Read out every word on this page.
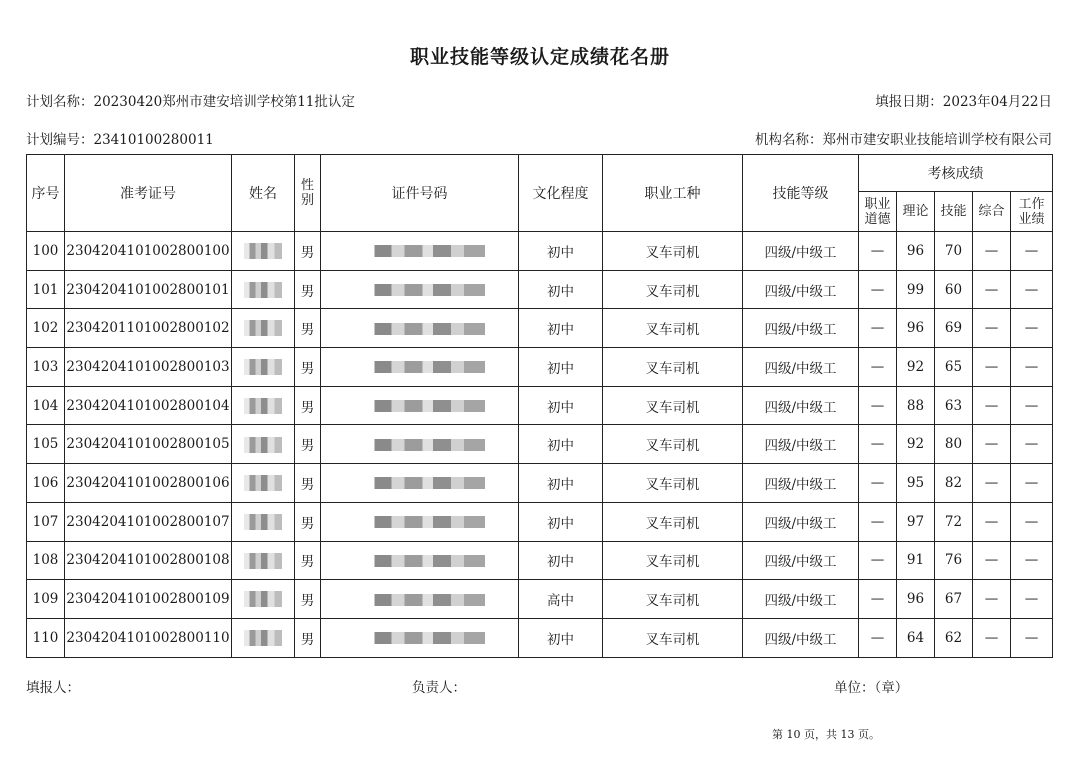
职业技能等级认定成绩花名册
计划名称：20230420郑州市建安培训学校第11批认定	填报日期：2023年04月22日
计划编号：23410100280011	机构名称：郑州市建安职业技能培训学校有限公司
序号	准考证号	姓名	性别	证件号码	文化程度	职业工种	技能等级	考核成绩				
								职业道德	理论	技能	综合	工作业绩
100	2304204101002800100		男		初中	叉车司机	四级/中级工	—	96	70	—	—
101	2304204101002800101		男		初中	叉车司机	四级/中级工	—	99	60	—	—
102	2304201101002800102		男		初中	叉车司机	四级/中级工	—	96	69	—	—
103	2304204101002800103		男		初中	叉车司机	四级/中级工	—	92	65	—	—
104	2304204101002800104		男		初中	叉车司机	四级/中级工	—	88	63	—	—
105	2304204101002800105		男		初中	叉车司机	四级/中级工	—	92	80	—	—
106	2304204101002800106		男		初中	叉车司机	四级/中级工	—	95	82	—	—
107	2304204101002800107		男		初中	叉车司机	四级/中级工	—	97	72	—	—
108	2304204101002800108		男		初中	叉车司机	四级/中级工	—	91	76	—	—
109	2304204101002800109		男		高中	叉车司机	四级/中级工	—	96	67	—	—
110	2304204101002800110		男		初中	叉车司机	四级/中级工	—	64	62	—	—
填报人：	负责人：	单位：（章）
第 10 页，共 13 页。
